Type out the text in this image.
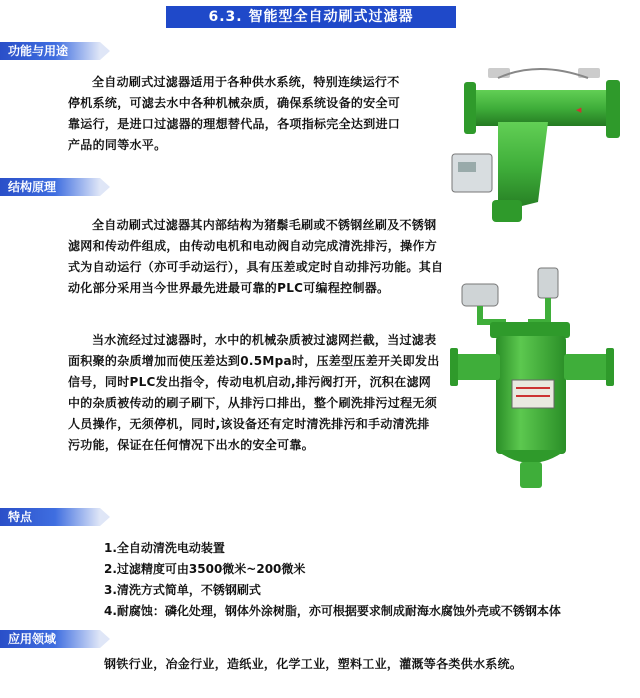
6.3. 智能型全自动刷式过滤器
功能与用途

全自动刷式过滤器适用于各种供水系统，特别连续运行不停机系统，可滤去水中各种机械杂质，确保系统设备的安全可靠运行，是进口过滤器的理想替代品，各项指标完全达到进口产品的同等水平。

◀
结构原理

全自动刷式过滤器其内部结构为猪鬃毛刷或不锈钢丝刷及不锈钢滤网和传动件组成，由传动电机和电动阀自动完成清洗排污，操作方式为自动运行（亦可手动运行），具有压差或定时自动排污功能。其自动化部分采用当今世界最先进最可靠的PLC可编程控制器。

当水流经过过滤器时，水中的机械杂质被过滤网拦截，当过滤表面积聚的杂质增加而使压差达到0.5Mpa时，压差型压差开关即发出信号，同时PLC发出指令，传动电机启动,排污阀打开，沉积在滤网中的杂质被传动的刷子刷下，从排污口排出，整个刷洗排污过程无须人员操作，无须停机，同时,该设备还有定时清洗排污和手动清洗排污功能，保证在任何情况下出水的安全可靠。

特点
1.全自动清洗电动装置
2.过滤精度可由3500微米~200微米
3.清洗方式简单，不锈钢刷式
4.耐腐蚀：磷化处理，钢体外涂树脂，亦可根据要求制成耐海水腐蚀外壳或不锈钢本体
应用领域

钢铁行业，冶金行业，造纸业，化学工业，塑料工业，灌溉等各类供水系统。
